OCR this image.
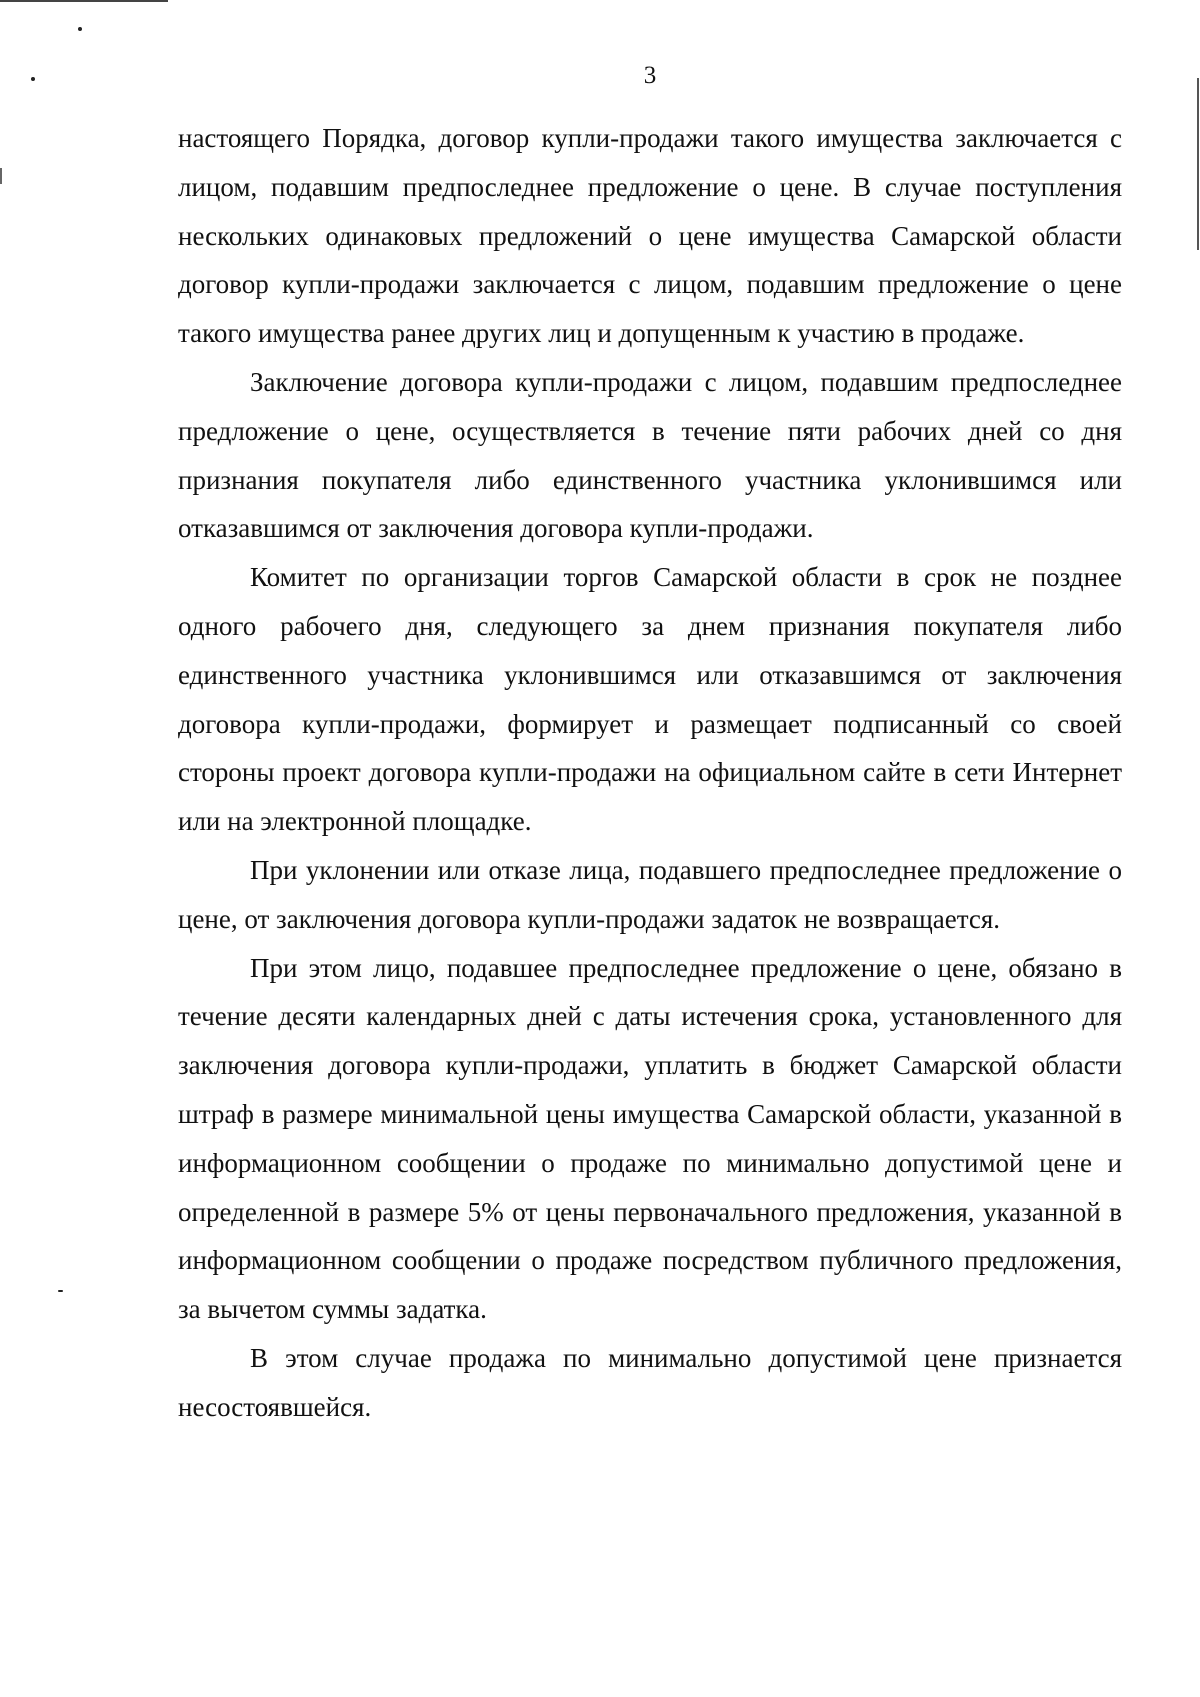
3

настоящего Порядка, договор купли-продажи такого имущества заключается с лицом, подавшим предпоследнее предложение о цене. В случае поступления нескольких одинаковых предложений о цене имущества Самарской области договор купли-продажи заключается с лицом, подавшим предложение о цене такого имущества ранее других лиц и допущенным к участию в продаже.

Заключение договора купли-продажи с лицом, подавшим предпоследнее предложение о цене, осуществляется в течение пяти рабочих дней со дня признания покупателя либо единственного участника уклонившимся или отказавшимся от заключения договора купли-продажи.

Комитет по организации торгов Самарской области в срок не позднее одного рабочего дня, следующего за днем признания покупателя либо единственного участника уклонившимся или отказавшимся от заключения договора купли-продажи, формирует и размещает подписанный со своей стороны проект договора купли-продажи на официальном сайте в сети Интернет или на электронной площадке.

При уклонении или отказе лица, подавшего предпоследнее предложение о цене, от заключения договора купли-продажи задаток не возвращается.

При этом лицо, подавшее предпоследнее предложение о цене, обязано в течение десяти календарных дней с даты истечения срока, установленного для заключения договора купли-продажи, уплатить в бюджет Самарской области штраф в размере минимальной цены имущества Самарской области, указанной в информационном сообщении о продаже по минимально допустимой цене и определенной в размере 5% от цены первоначального предложения, указанной в информационном сообщении о продаже посредством публичного предложения, за вычетом суммы задатка.

В этом случае продажа по минимально допустимой цене признается несостоявшейся.
